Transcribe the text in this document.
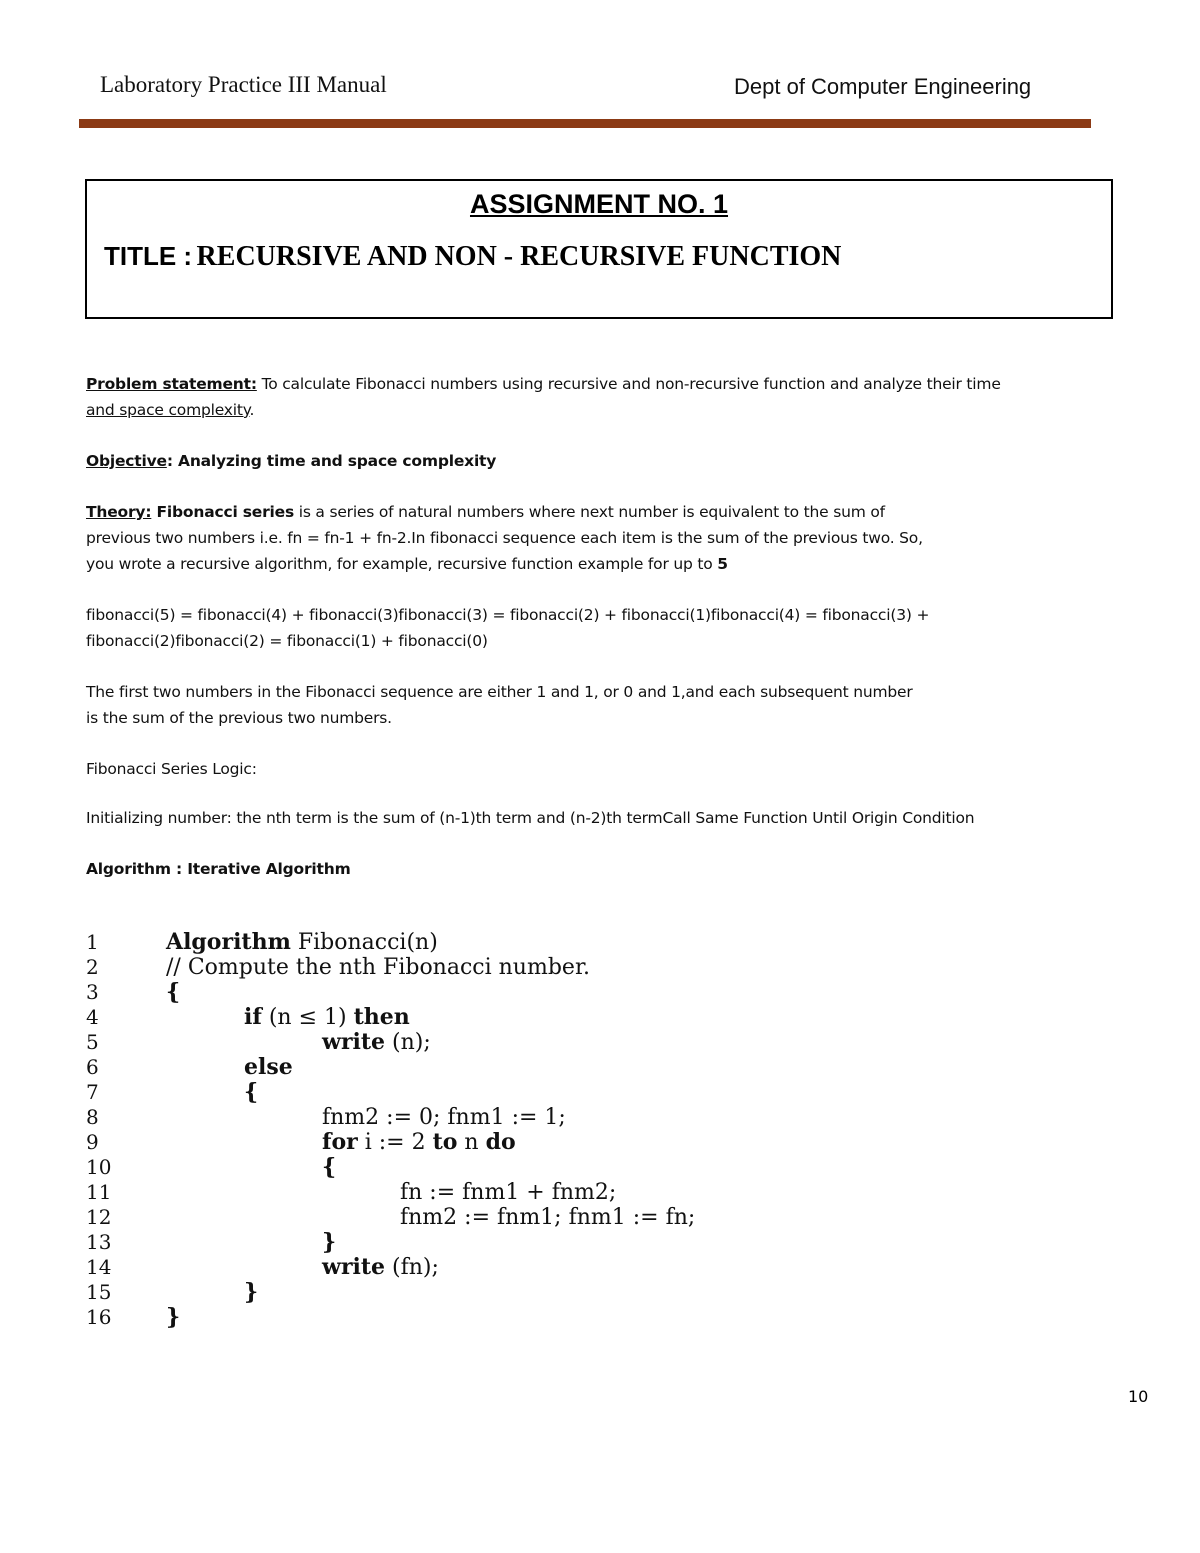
Laboratory Practice III Manual	Dept of Computer Engineering
ASSIGNMENT NO. 1
TITLE : RECURSIVE AND NON - RECURSIVE FUNCTION
Problem statement: To calculate Fibonacci numbers using recursive and non-recursive function and analyze their time
and space complexity.
Objective: Analyzing time and space complexity
Theory: Fibonacci series is a series of natural numbers where next number is equivalent to the sum of
previous two numbers i.e. fn = fn-1 + fn-2.In fibonacci sequence each item is the sum of the previous two. So,
you wrote a recursive algorithm, for example, recursive function example for up to 5
fibonacci(5) = fibonacci(4) + fibonacci(3)fibonacci(3) = fibonacci(2) + fibonacci(1)fibonacci(4) = fibonacci(3) +
fibonacci(2)fibonacci(2) = fibonacci(1) + fibonacci(0)
The first two numbers in the Fibonacci sequence are either 1 and 1, or 0 and 1,and each subsequent number
is the sum of the previous two numbers.
Fibonacci Series Logic:
Initializing number: the nth term is the sum of (n-1)th term and (n-2)th termCall Same Function Until Origin Condition
Algorithm : Iterative Algorithm
1	Algorithm Fibonacci(n)
2	// Compute the nth Fibonacci number.
3	{
4	if (n ≤ 1) then
5	write (n);
6	else
7	{
8	fnm2 := 0; fnm1 := 1;
9	for i := 2 to n do
10	{
11	fn := fnm1 + fnm2;
12	fnm2 := fnm1; fnm1 := fn;
13	}
14	write (fn);
15	}
16	}
10
